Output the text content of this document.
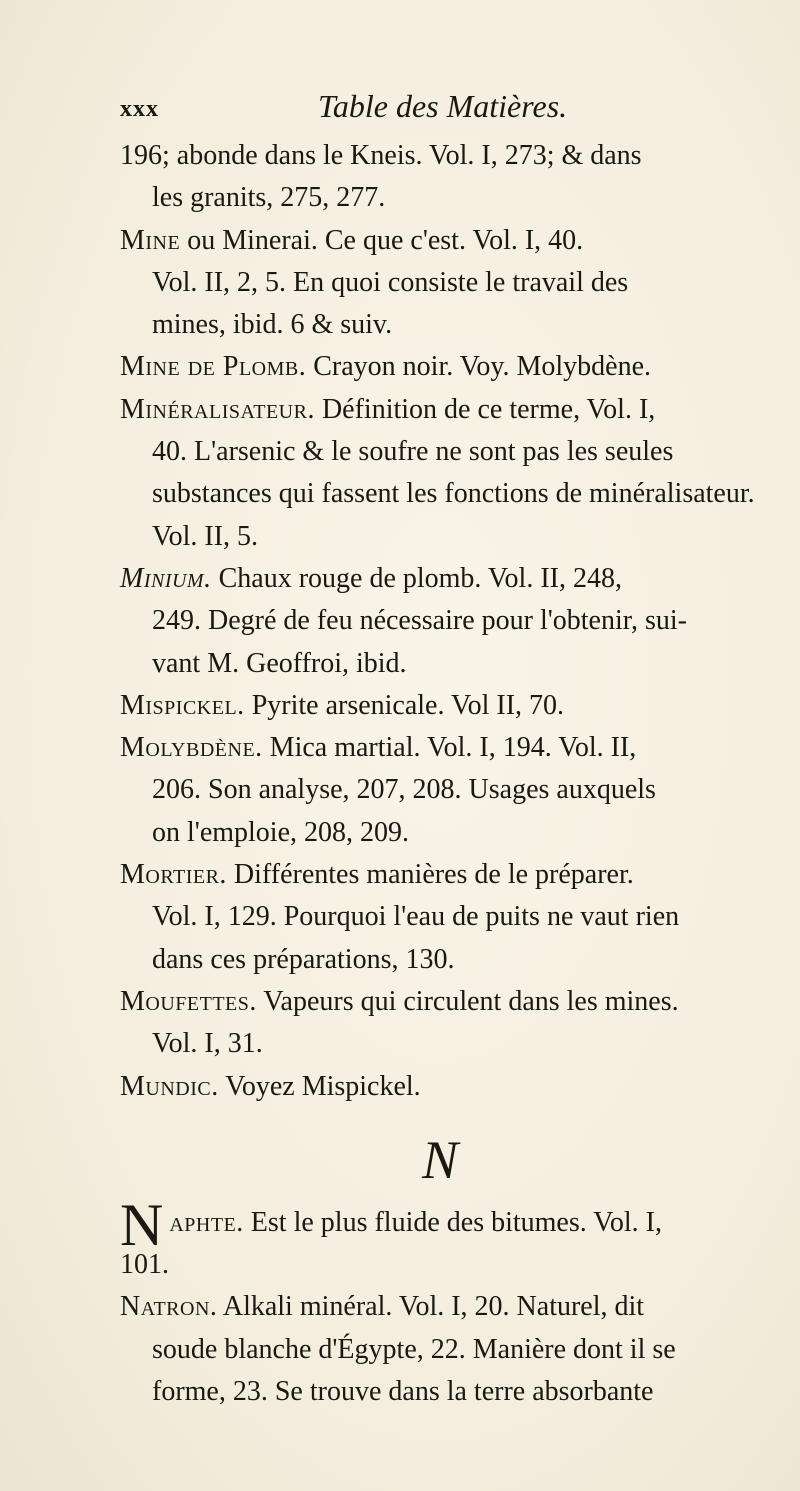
xxx	Table des Matières.

196; abonde dans le Kneis. Vol. I, 273; & dans
les granits, 275, 277.

Mine ou Minerai. Ce que c'est. Vol. I, 40.
Vol. II, 2, 5. En quoi consiste le travail des
mines, ibid. 6 & suiv.

Mine de Plomb. Crayon noir. Voy. Molybdène.

Minéralisateur. Définition de ce terme, Vol. I,
40. L'arsenic & le soufre ne sont pas les seules
substances qui fassent les fonctions de minéralisateur.
Vol. II, 5.

Minium. Chaux rouge de plomb. Vol. II, 248,
249. Degré de feu nécessaire pour l'obtenir, sui-
vant M. Geoffroi, ibid.

Mispickel. Pyrite arsenicale. Vol II, 70.

Molybdène. Mica martial. Vol. I, 194. Vol. II,
206. Son analyse, 207, 208. Usages auxquels
on l'emploie, 208, 209.

Mortier. Différentes manières de le préparer.
Vol. I, 129. Pourquoi l'eau de puits ne vaut rien
dans ces préparations, 130.

Moufettes. Vapeurs qui circulent dans les mines.
Vol. I, 31.

Mundic. Voyez Mispickel.

N

Naphte. Est le plus fluide des bitumes. Vol. I,
101.

Natron. Alkali minéral. Vol. I, 20. Naturel, dit
soude blanche d'Égypte, 22. Manière dont il se
forme, 23. Se trouve dans la terre absorbante
